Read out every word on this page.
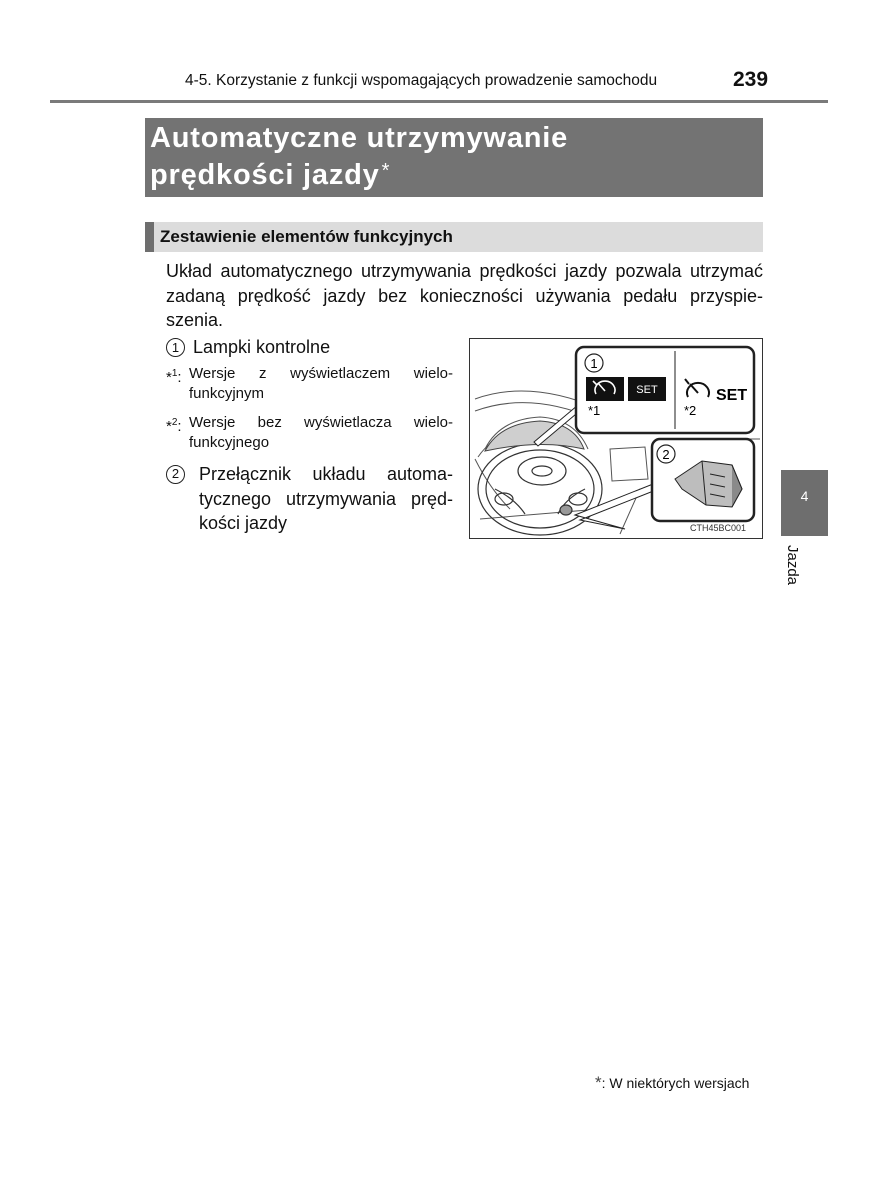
4-5. Korzystanie z funkcji wspomagających prowadzenie samochodu	239
Automatyczne utrzymywanie
prędkości jazdy *
Zestawienie elementów funkcyjnych
Układ automatycznego utrzymywania prędkości jazdy pozwala utrzymać
zadaną prędkość jazdy bez konieczności używania pedału przyspie-
szenia.
1 Lampki kontrolne
*$^1$: Wersje z wyświetlaczem wielo-
funkcyjnym
*$^2$: Wersje bez wyświetlacza wielo-
funkcyjnego
2	Przełącznik układu automa-
tycznego utrzymywania pręd-
kości jazdy
1
SET
*1
SET
*2
2
CTH45BC001
4
Jazda
*: W niektórych wersjach
